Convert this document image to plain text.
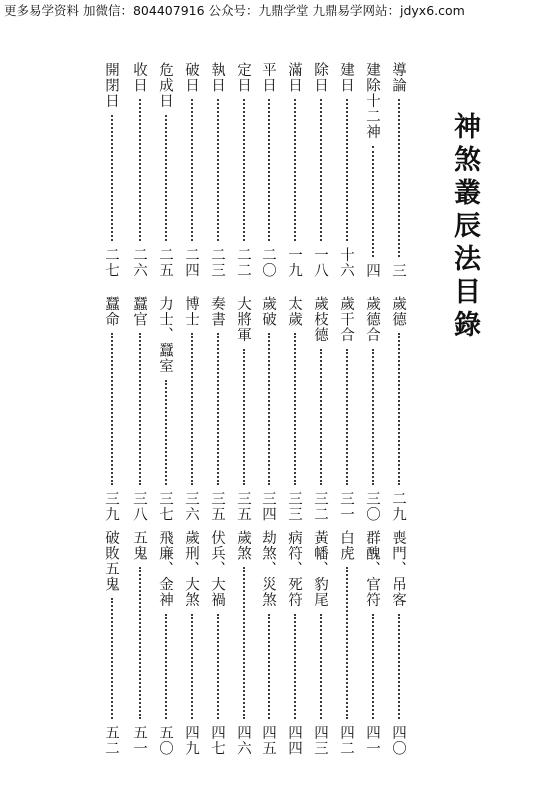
更多易学资料 加微信：804407916 公众号：九鼎学堂 九鼎易学网站：jdyx6.com
神煞叢辰法目錄
導論
三
建除十二神
四
建日
十六
除日
一八
滿日
一九
平日
二〇
定日
二二
執日
二三
破日
二四
危成日
二五
收日
二六
開閉日
二七
歲德
二九
歲德合
三〇
歲干合
三一
歲枝德
三二
太歲
三三
歲破
三四
大將軍
三五
奏書
三五
博士
三六
力士、蠶室
三七
蠶官
三八
蠶命
三九
喪門、吊客
四〇
群醜、官符
四一
白虎
四二
黃幡、豹尾
四三
病符、死符
四四
劫煞、災煞
四五
歲煞
四六
伏兵、大禍
四七
歲刑、大煞
四九
飛廉、金神
五〇
五鬼
五一
破敗五鬼
五二
